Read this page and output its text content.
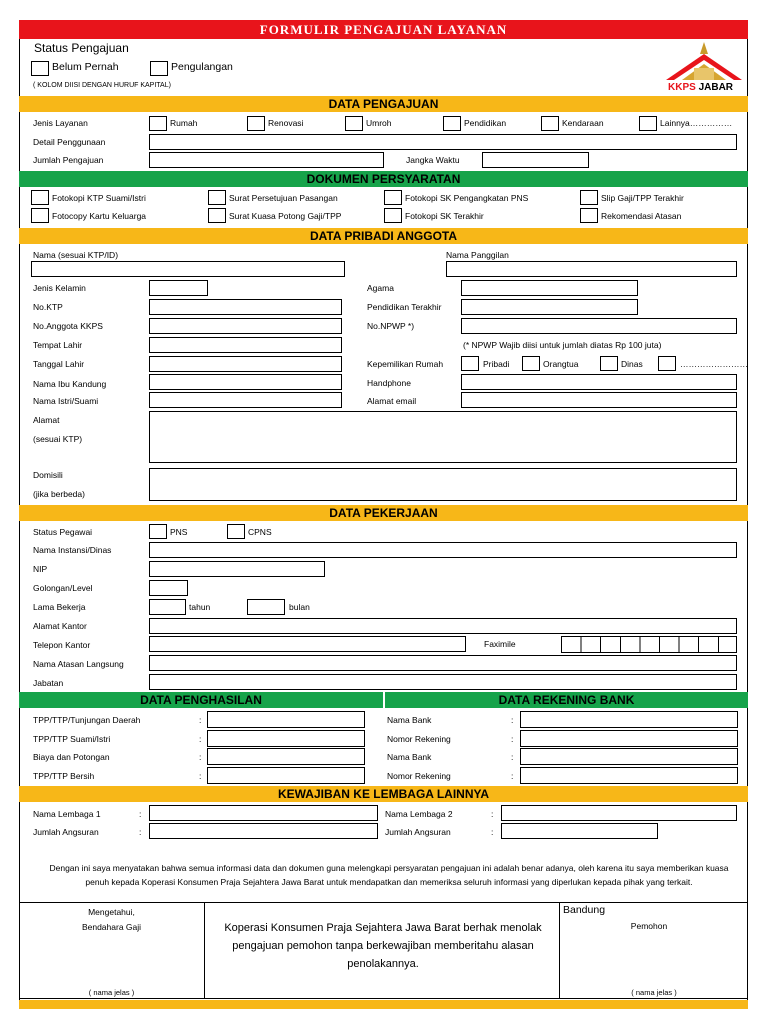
FORMULIR PENGAJUAN LAYANAN
Status Pengajuan
Belum Pernah	Pengulangan
( KOLOM DIISI DENGAN HURUF KAPITAL)	KKPS JABAR
DATA PENGAJUAN
Jenis Layanan	Rumah	Renovasi	Umroh	Pendidikan	Kendaraan	Lainnya……………
Detail Penggunaan
Jumlah Pengajuan	Jangka Waktu
DOKUMEN PERSYARATAN
Fotokopi KTP Suami/Istri	Surat Persetujuan Pasangan	Fotokopi SK Pengangkatan PNS	Slip Gaji/TPP Terakhir
Fotocopy Kartu Keluarga	Surat Kuasa Potong Gaji/TPP	Fotokopi SK Terakhir	Rekomendasi Atasan
DATA PRIBADI ANGGOTA
Nama (sesuai KTP/ID)	Nama Panggilan
Jenis Kelamin
No.KTP
No.Anggota KKPS
Tempat Lahir
Tanggal Lahir
Nama Ibu Kandung
Nama Istri/Suami
Agama
Pendidikan Terakhir
No.NPWP *)
(* NPWP Wajib diisi untuk jumlah diatas Rp 100 juta)
Kepemilikan Rumah	Pribadi	Orangtua	Dinas	……………………
Handphone
Alamat email
Alamat
(sesuai KTP)
Domisili
(jika berbeda)
DATA PEKERJAAN
Status Pegawai	PNS	CPNS
Nama Instansi/Dinas
NIP
Golongan/Level
Lama Bekerja	tahun	bulan
Alamat Kantor
Telepon Kantor	Faximile
Nama Atasan Langsung
Jabatan
DATA PENGHASILAN	DATA REKENING BANK
TPP/TTP/Tunjungan Daerah	:
TPP/TTP Suami/Istri	:
Biaya dan Potongan	:
TPP/TTP Bersih	:
Nama Bank	:
Nomor Rekening	:
Nama Bank	:
Nomor Rekening	:
KEWAJIBAN KE LEMBAGA LAINNYA
Nama Lembaga 1	:
Jumlah Angsuran	:
Nama Lembaga 2	:
Jumlah Angsuran	:
Dengan ini saya menyatakan bahwa semua informasi data dan dokumen guna melengkapi persyaratan pengajuan ini adalah benar adanya, oleh karena itu saya memberikan kuasa penuh kepada Koperasi Konsumen Praja Sejahtera Jawa Barat untuk mendapatkan dan memeriksa seluruh informasi yang diperlukan kepada pihak yang terkait.
Mengetahui,
Bendahara Gaji	Koperasi Konsumen Praja Sejahtera Jawa Barat berhak menolak pengajuan pemohon tanpa berkewajiban memberitahu alasan penolakannya.
Bandung
Pemohon
( nama jelas )	( nama jelas )
